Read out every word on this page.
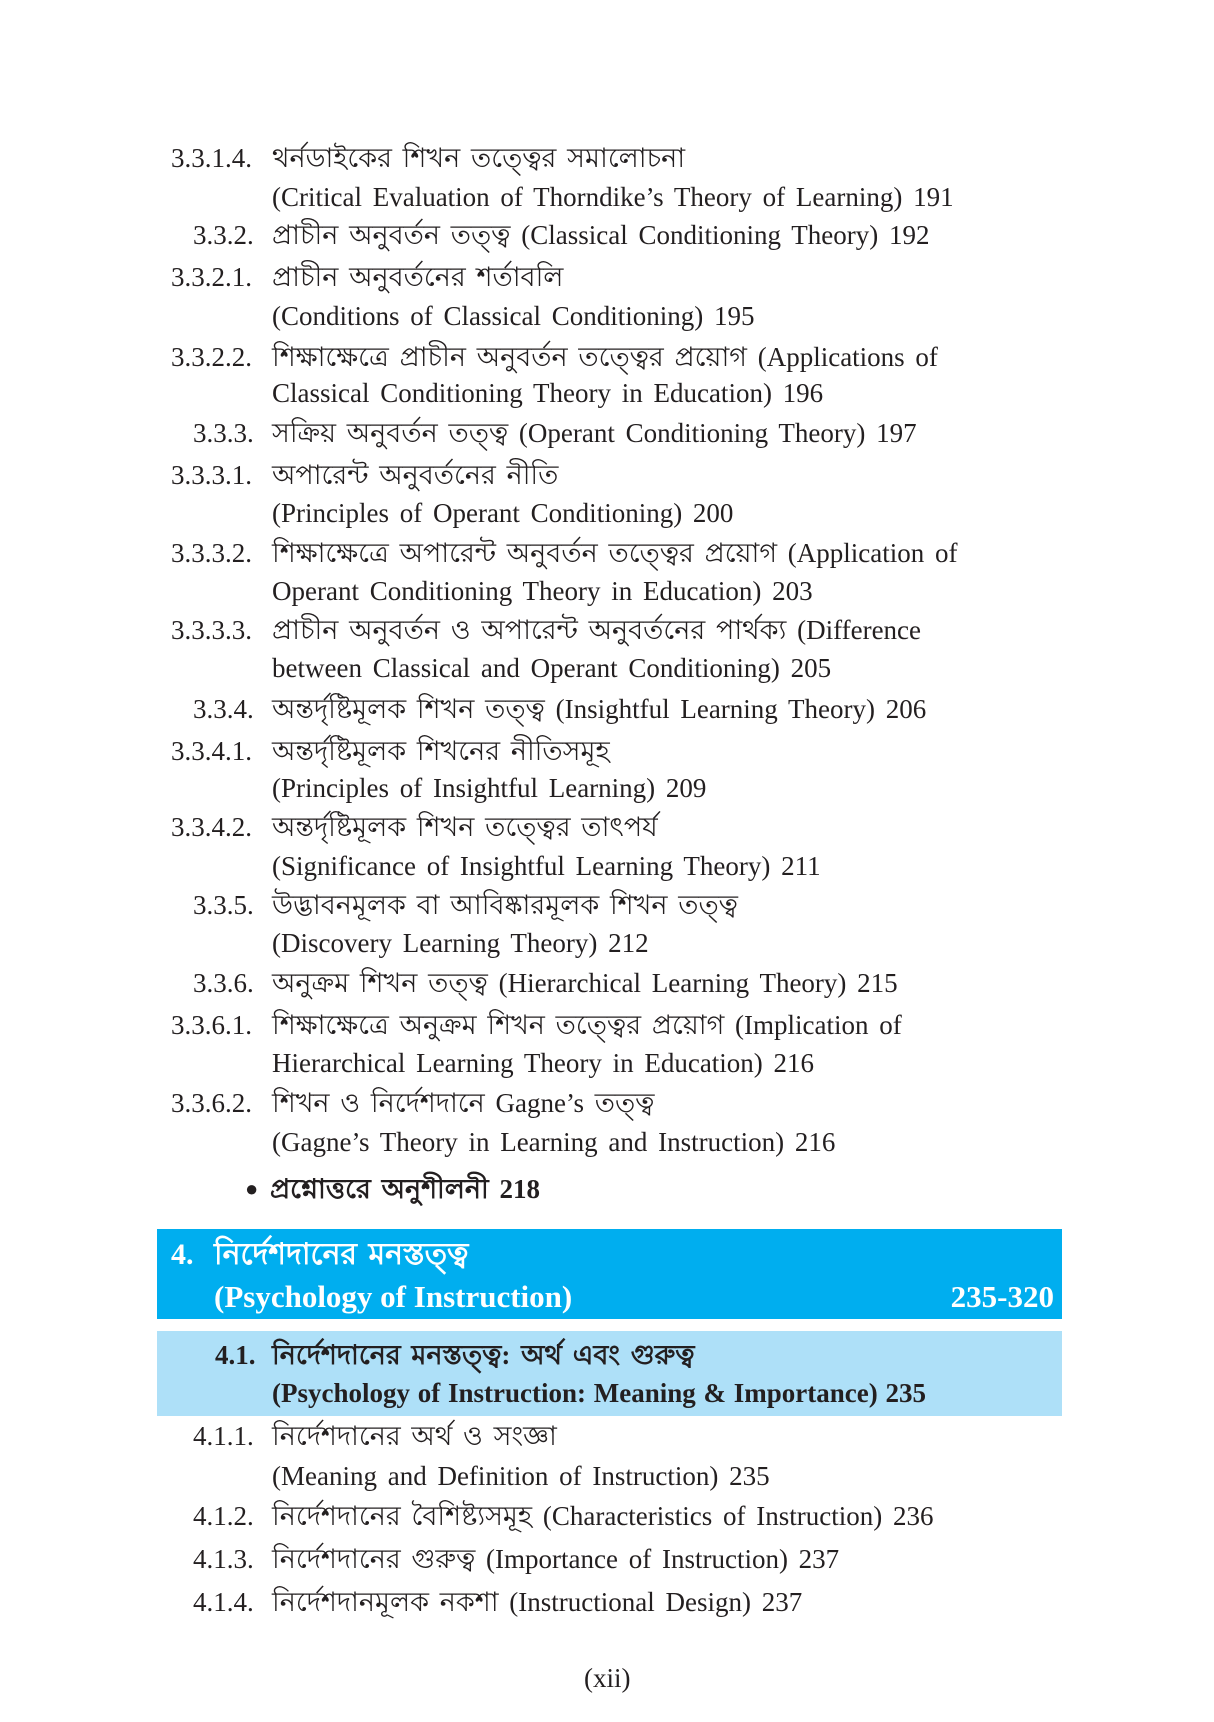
3.3.1.4. থর্নডাইকের শিখন তত্ত্বের সমালোচনা
(Critical Evaluation of Thorndike’s Theory of Learning) 191
3.3.2. প্রাচীন অনুবর্তন তত্ত্ব (Classical Conditioning Theory) 192
3.3.2.1. প্রাচীন অনুবর্তনের শর্তাবলি
(Conditions of Classical Conditioning) 195
3.3.2.2. শিক্ষাক্ষেত্রে প্রাচীন অনুবর্তন তত্ত্বের প্রয়োগ (Applications of
Classical Conditioning Theory in Education) 196
3.3.3. সক্রিয় অনুবর্তন তত্ত্ব (Operant Conditioning Theory) 197
3.3.3.1. অপারেন্ট অনুবর্তনের নীতি
(Principles of Operant Conditioning) 200
3.3.3.2. শিক্ষাক্ষেত্রে অপারেন্ট অনুবর্তন তত্ত্বের প্রয়োগ (Application of
Operant Conditioning Theory in Education) 203
3.3.3.3. প্রাচীন অনুবর্তন ও অপারেন্ট অনুবর্তনের পার্থক্য (Difference
between Classical and Operant Conditioning) 205
3.3.4. অন্তর্দৃষ্টিমূলক শিখন তত্ত্ব (Insightful Learning Theory) 206
3.3.4.1. অন্তর্দৃষ্টিমূলক শিখনের নীতিসমূহ
(Principles of Insightful Learning) 209
3.3.4.2. অন্তর্দৃষ্টিমূলক শিখন তত্ত্বের তাৎপর্য
(Significance of Insightful Learning Theory) 211
3.3.5. উদ্ভাবনমূলক বা আবিষ্কারমূলক শিখন তত্ত্ব
(Discovery Learning Theory) 212
3.3.6. অনুক্রম শিখন তত্ত্ব (Hierarchical Learning Theory) 215
3.3.6.1. শিক্ষাক্ষেত্রে অনুক্রম শিখন তত্ত্বের প্রয়োগ (Implication of
Hierarchical Learning Theory in Education) 216
3.3.6.2. শিখন ও নির্দেশদানে Gagne’s তত্ত্ব
(Gagne’s Theory in Learning and Instruction) 216
4.1.1. নির্দেশদানের অর্থ ও সংজ্ঞা
(Meaning and Definition of Instruction) 235
4.1.2. নির্দেশদানের বৈশিষ্ট্যসমূহ (Characteristics of Instruction) 236
4.1.3. নির্দেশদানের গুরুত্ব (Importance of Instruction) 237
4.1.4. নির্দেশদানমূলক নকশা (Instructional Design) 237
4. নির্দেশদানের মনস্তত্ত্ব
(Psychology of Instruction)	235-320
4.1. নির্দেশদানের মনস্তত্ত্ব: অর্থ এবং গুরুত্ব
(Psychology of Instruction: Meaning & Importance) 235
● প্রশ্নোত্তরে অনুশীলনী 218
(xii)
